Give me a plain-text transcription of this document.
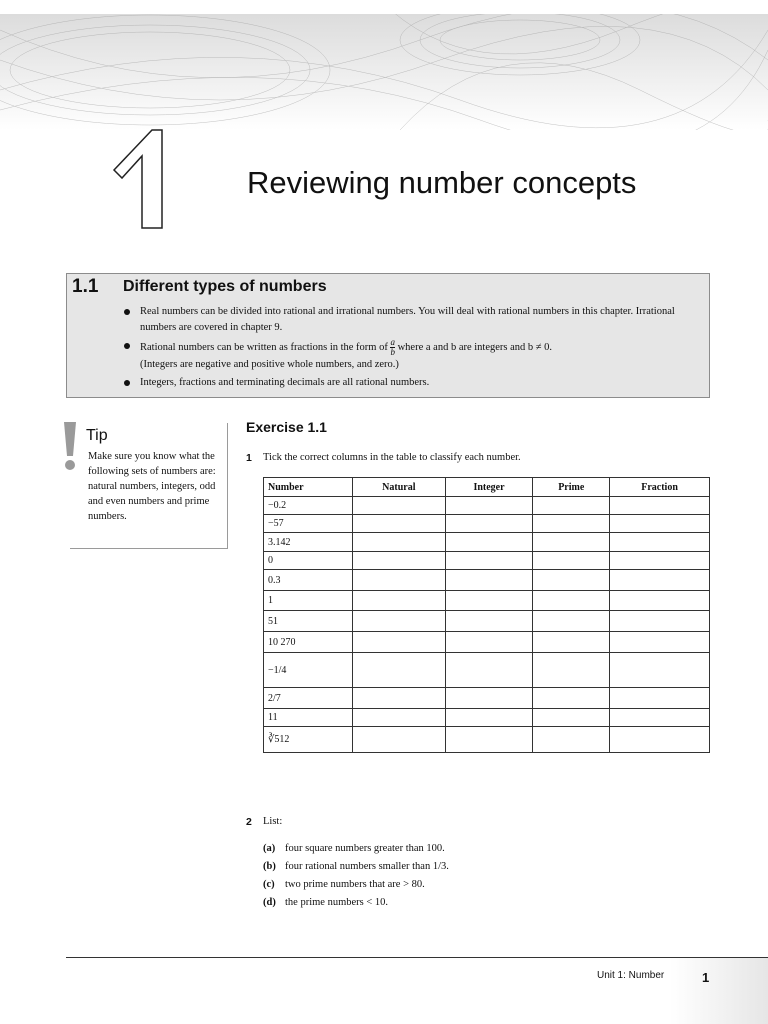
Reviewing number concepts
1.1 Different types of numbers
Real numbers can be divided into rational and irrational numbers. You will deal with rational numbers in this chapter. Irrational numbers are covered in chapter 9.
Rational numbers can be written as fractions in the form of $\frac{a}{b}$ where a and b are integers and b ≠ 0.
(Integers are negative and positive whole numbers, and zero.)
Integers, fractions and terminating decimals are all rational numbers.
Tip
Make sure you know what the following sets of numbers are: natural numbers, integers, odd and even numbers and prime numbers.
Exercise 1.1
1 Tick the correct columns in the table to classify each number.
Number	Natural	Integer	Prime	Fraction
−0.2				
−57				
3.142				
0				
0.3				
1				
51				
10 270				
−1/4				
2/7				
11				
∛512				
2 List:
(a) four square numbers greater than 100.
(b) four rational numbers smaller than 1/3.
(c) two prime numbers that are > 80.
(d) the prime numbers < 10.
Unit 1: Number	1
